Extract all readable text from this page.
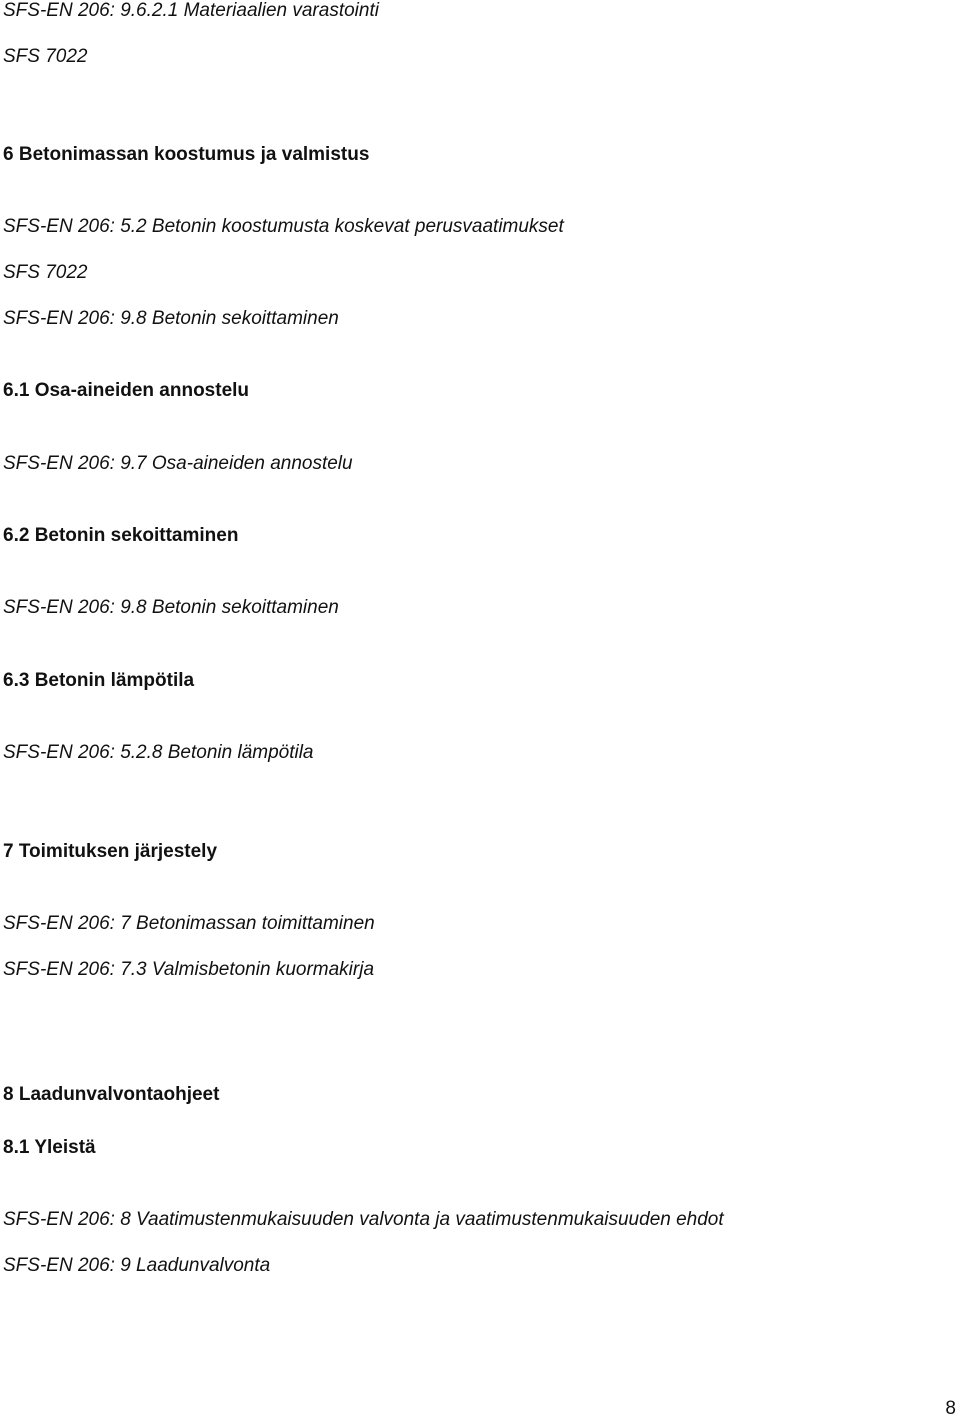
SFS-EN 206: 9.6.2.1 Materiaalien varastointi

SFS 7022

6 Betonimassan koostumus ja valmistus

SFS-EN 206: 5.2 Betonin koostumusta koskevat perusvaatimukset

SFS 7022

SFS-EN 206: 9.8 Betonin sekoittaminen

6.1 Osa-aineiden annostelu

SFS-EN 206: 9.7 Osa-aineiden annostelu

6.2 Betonin sekoittaminen

SFS-EN 206: 9.8 Betonin sekoittaminen

6.3 Betonin lämpötila

SFS-EN 206: 5.2.8 Betonin lämpötila

7 Toimituksen järjestely

SFS-EN 206: 7 Betonimassan toimittaminen

SFS-EN 206: 7.3 Valmisbetonin kuormakirja

8 Laadunvalvontaohjeet

8.1 Yleistä

SFS-EN 206: 8 Vaatimustenmukaisuuden valvonta ja vaatimustenmukaisuuden ehdot

SFS-EN 206: 9 Laadunvalvonta

8
